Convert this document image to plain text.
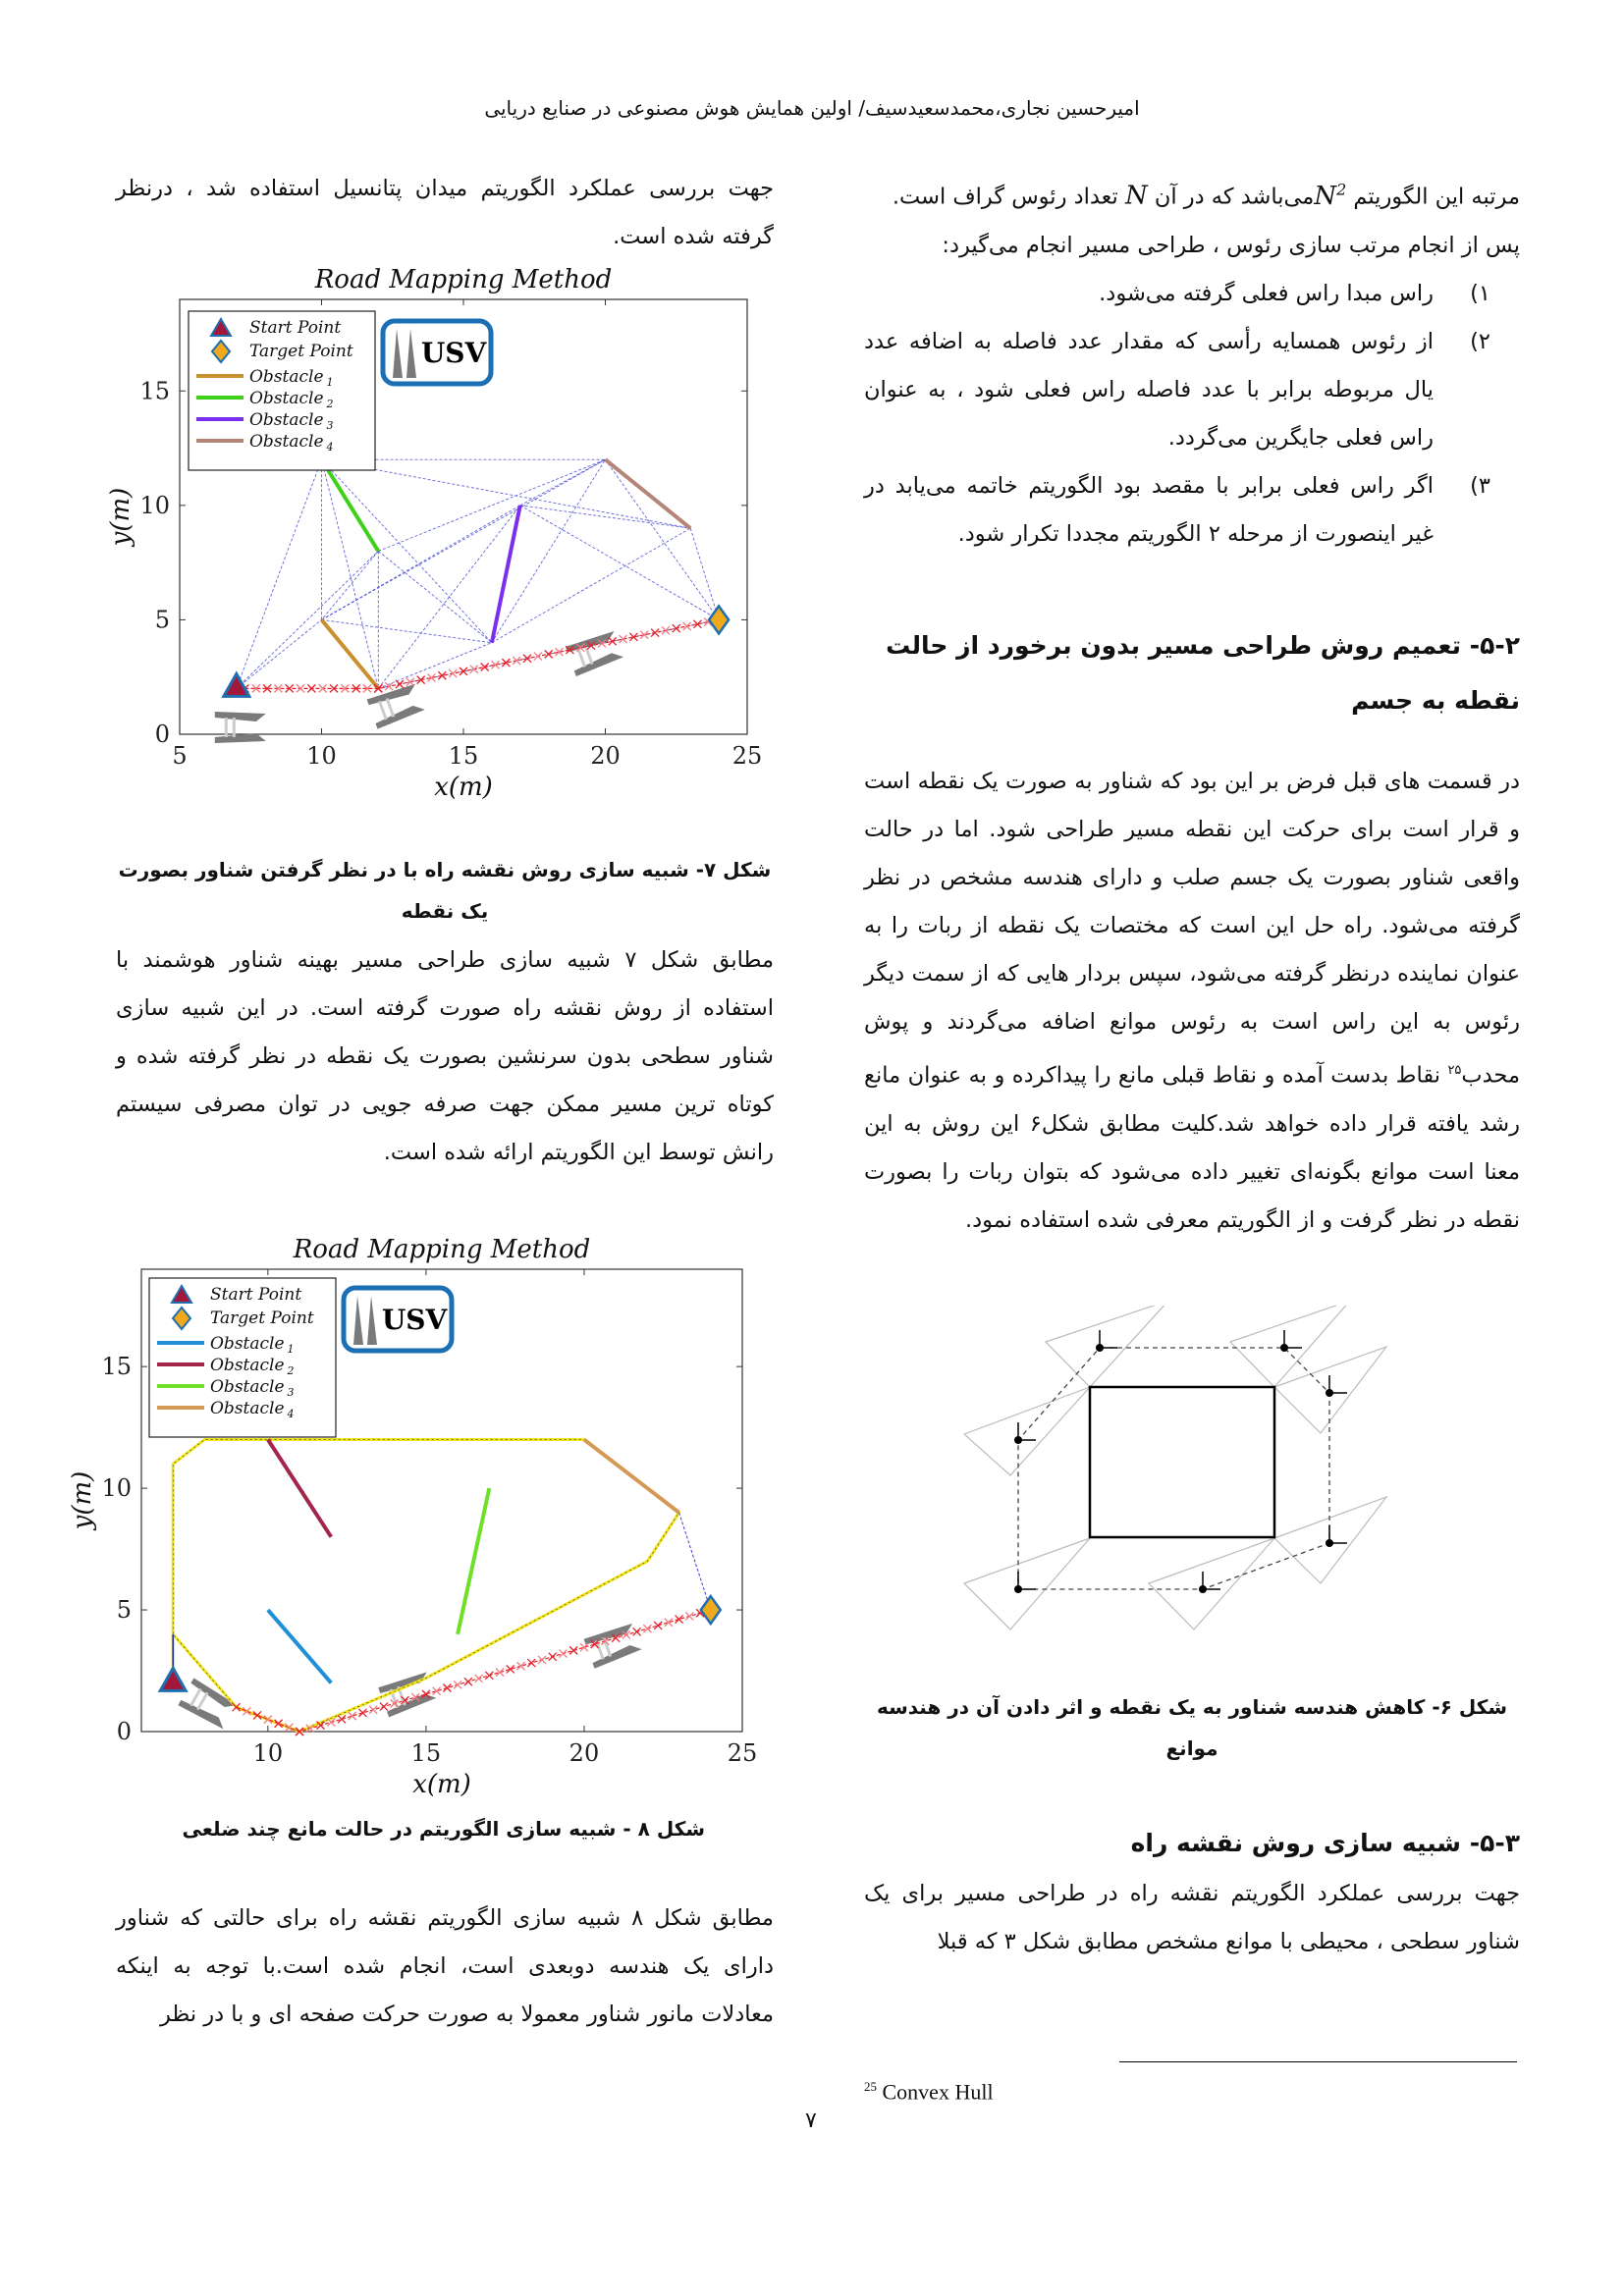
امیرحسین نجاری،محمدسعیدسیف/ اولین همایش هوش مصنوعی در صنایع دریایی

مرتبه این الگوریتم $N^2می‌باشد$ که در آن N تعداد رئوس گراف است.

پس از انجام مرتب سازی رئوس ، طراحی مسیر انجام می‌گیرد:

۱)
راس مبدا راس فعلی گرفته می‌شود.
۲)
از رئوس همسایه رأسی که مقدار عدد فاصله به اضافه عدد یال مربوطه برابر با عدد فاصله راس فعلی شود ، به عنوان راس فعلی جایگرین می‌گردد.
۳)
اگر راس فعلی برابر با مقصد بود الگوریتم خاتمه می‌یابد در غیر اینصورت از مرحله ۲ الگوریتم مجددا تکرار شود.
۵-۲- تعمیم روش طراحی مسیر بدون برخورد از حالت نقطه به جسم

در قسمت های قبل فرض بر این بود که شناور به صورت یک نقطه است و قرار است برای حرکت این نقطه مسیر طراحی شود. اما در حالت واقعی شناور بصورت یک جسم صلب و دارای هندسه مشخص در نظر گرفته می‌شود. راه حل این است که مختصات یک نقطه از ربات را به عنوان نماینده درنظر گرفته می‌شود، سپس بردار هایی که از سمت دیگر رئوس به این راس است به رئوس موانع اضافه می‌گردند و پوش محدب$^{۲۵}$ نقاط بدست آمده و نقاط قبلی مانع را پیداکرده و به عنوان مانع رشد یافته قرار داده خواهد شد.کلیت مطابق شکل۶ این روش به این معنا است موانع بگونه‌ای تغییر داده می‌شود که بتوان ربات را بصورت نقطه در نظر گرفت و از الگوریتم معرفی شده استفاده نمود.

شکل ۶- کاهش هندسه شناور به یک نقطه و اثر دادن آن در هندسه موانع
۵-۳- شبیه سازی روش نقشه راه
جهت بررسی عملکرد الگوریتم نقشه راه در طراحی مسیر برای یک شناور سطحی ، محیطی با موانع مشخص مطابق شکل ۳ که قبلا
$^{25}$ Convex Hull
جهت بررسی عملکرد الگوریتم میدان پتانسیل استفاده شد ، درنظر گرفته شده است.
Road Mapping Method
5	10	15	20	25
0
5
10
15
x(m)
y(m)
Start Point
Target Point
Obstacle $_1$
Obstacle $_2$
Obstacle $_3$
Obstacle $_4$
USV
شکل ۷- شبیه سازی روش نقشه راه با در نظر گرفتن شناور بصورت یک نقطه
مطابق شکل ۷ شبیه سازی طراحی مسیر بهینه شناور هوشمند با استفاده از روش نقشه راه صورت گرفته است. در این شبیه سازی شناور سطحی بدون سرنشین بصورت یک نقطه در نظر گرفته شده و کوتاه ترین مسیر ممکن جهت صرفه جویی در توان مصرفی سیستم رانش توسط این الگوریتم ارائه شده است.
Road Mapping Method
10	15	20	25
0
5
10
15
x(m)
y(m)
Start Point
Target Point
Obstacle $_1$
Obstacle $_2$
Obstacle $_3$
Obstacle $_4$
USV
شکل ۸ - شبیه سازی الگوریتم در حالت مانع چند ضلعی
مطابق شکل ۸ شبیه سازی الگوریتم نقشه راه برای حالتی که شناور دارای یک هندسه دوبعدی است، انجام شده است.با توجه به اینکه معادلات مانور شناور معمولا به صورت حرکت صفحه ای و با در نظر
۷
